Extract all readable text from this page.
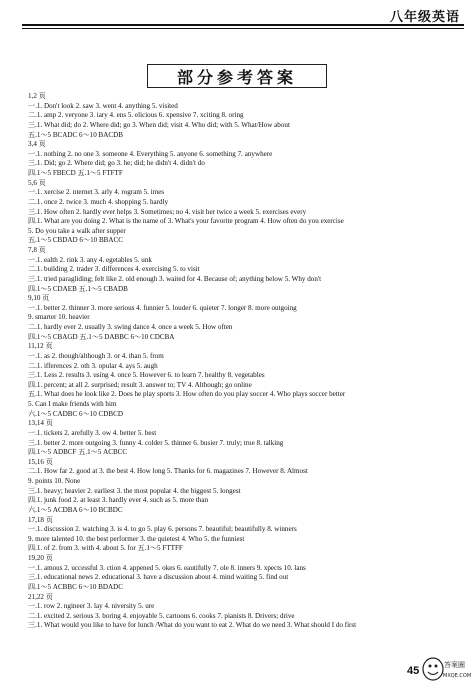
八年级英语
部分参考答案
1,2 页
一.1. Don't look 2. saw 3. went 4. anything 5. visited
二.1. amp 2. veryone 3. iary 4. ens 5. elicious 6. xpensive 7. xciting 8. oring
三.1. What did; do 2. Where did; go 3. When did; visit 4. Who did; with 5. What/How about
五.1～5 BCADC 6～10 BACDB
3,4 页
一.1. nothing 2. no one 3. someone 4. Everything 5. anyone 6. something 7. anywhere
三.1. Did; go 2. Where did; go 3. he; did; he didn't 4. didn't do
四.1～5 FBECD 五.1～5 FTFTF
5,6 页
一.1. xercise 2. nternet 3. arly 4. rogram 5. imes
二.1. once 2. twice 3. much 4. shopping 5. hardly
三.1. How often 2. hardly ever helps 3. Sometimes; no 4. visit her twice a week 5. exercises every
四.1. What are you doing 2. What is the name of 3. What's your favorite program 4. How often do you exercise
5. Do you take a walk after supper
五.1～5 CBDAD 6～10 BBACC
7,8 页
一.1. ealth 2. rink 3. any 4. egetables 5. unk
二.1. building 2. trader 3. differences 4. exercising 5. to visit
三.1. tried paragliding; felt like 2. old enough 3. waited for 4. Because of; anything below 5. Why don't
四.1～5 CDAEB 五.1～5 CBADB
9,10 页
一.1. better 2. thinner 3. more serious 4. funnier 5. louder 6. quieter 7. longer 8. more outgoing
9. smarter 10. heavier
二.1. hardly ever 2. usually 3. swing dance 4. once a week 5. How often
四.1～5 CBAGD 五.1～5 DABBC 6～10 CDCBA
11,12 页
一.1. as 2. though/although 3. or 4. than 5. from
二.1. ifferences 2. oth 3. opular 4. ays 5. augh
三.1. Less 2. results 3. using 4. once 5. However 6. to learn 7. healthy 8. vegetables
四.1. percent; at all 2. surprised; result 3. answer to; TV 4. Although; go online
五.1. What does he look like 2. Does he play sports 3. How often do you play soccer 4. Who plays soccer better
5. Can I make friends with him
六.1～5 CADBC 6～10 CDBCD
13,14 页
一.1. tickets 2. arefully 3. ow 4. better 5. best
三.1. better 2. more outgoing 3. funny 4. colder 5. thinner 6. busier 7. truly; true 8. talking
四.1～5 ADBCF 五.1～5 ACBCC
15,16 页
二.1. How far 2. good at 3. the best 4. How long 5. Thanks for 6. magazines 7. However 8. Almost
9. points 10. None
三.1. heavy; heavier 2. earliest 3. the most popular 4. the biggest 5. longest
四.1. junk food 2. at least 3. hardly ever 4. such as 5. more than
六.1～5 ACDBA 6～10 BCBDC
17,18 页
一.1. discussion 2. watching 3. is 4. to go 5. play 6. persons 7. beautiful; beautifully 8. winners
9. more talented 10. the best performer 3. the quietest 4. Who 5. the funniest
四.1. of 2. from 3. with 4. about 5. for 五.1～5 FTTFF
19,20 页
一.1. amous 2. uccessful 3. ction 4. appened 5. okes 6. eautifully 7. ole 8. inners 9. xpects 10. lans
三.1. educational news 2. educational 3. have a discussion about 4. mind waiting 5. find out
四.1～5 ACBBC 6～10 BDADC
21,22 页
一.1. row 2. ngineer 3. lay 4. niversity 5. ure
二.1. excited 2. serious 3. boring 4. enjoyable 5. cartoons 6. cooks 7. pianists 8. Drivers; drive
三.1. What would you like to have for lunch /What do you want to eat 2. What do we need 3. What should I do first
45	答案圈
MXQE.COM
